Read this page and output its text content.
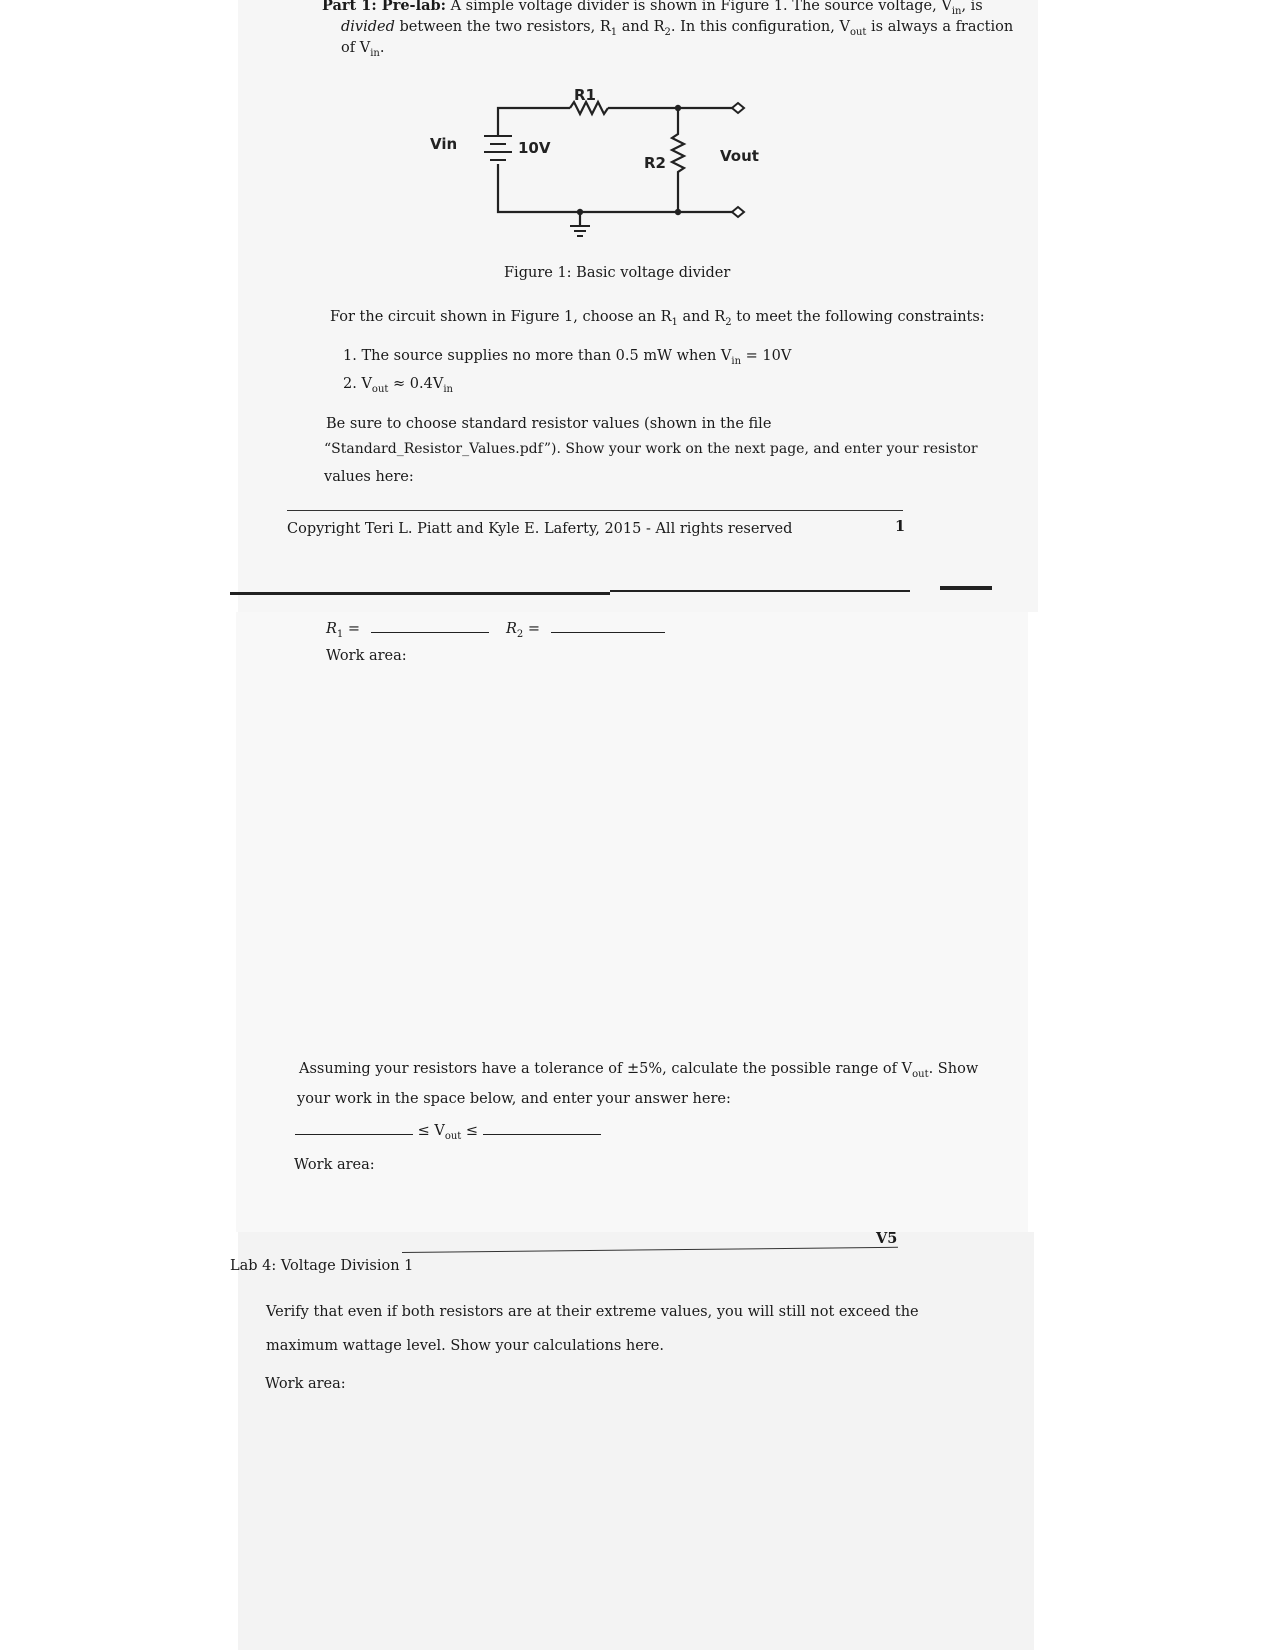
Part 1: Pre-lab: A simple voltage divider is shown in Figure 1. The source voltage, $V_{in}$, is
divided between the two resistors, $R_1$ and $R_2$. In this configuration, $V_{out}$ is always a fraction
of $V_{in}$.
R1
R2
Vin	10V	Vout
Figure 1: Basic voltage divider
For the circuit shown in Figure 1, choose an $R_1$ and $R_2$ to meet the following constraints:
1. The source supplies no more than 0.5 mW when $V_{in} = 10V$
2. $V_{out} \approx 0.4V_{in}$
Be sure to choose standard resistor values (shown in the file
“Standard_Resistor_Values.pdf”). Show your work on the next page, and enter your resistor
values here:
Copyright Teri L. Piatt and Kyle E. Laferty, 2015 - All rights reserved	1
$R_1$ =	$R_2$ =
Work area:
Assuming your resistors have a tolerance of ±5%, calculate the possible range of $V_{out}$. Show
your work in the space below, and enter your answer here:
≤ $V_{out}$ ≤
Work area:
V5
Lab 4: Voltage Division 1
Verify that even if both resistors are at their extreme values, you will still not exceed the
maximum wattage level. Show your calculations here.
Work area:
